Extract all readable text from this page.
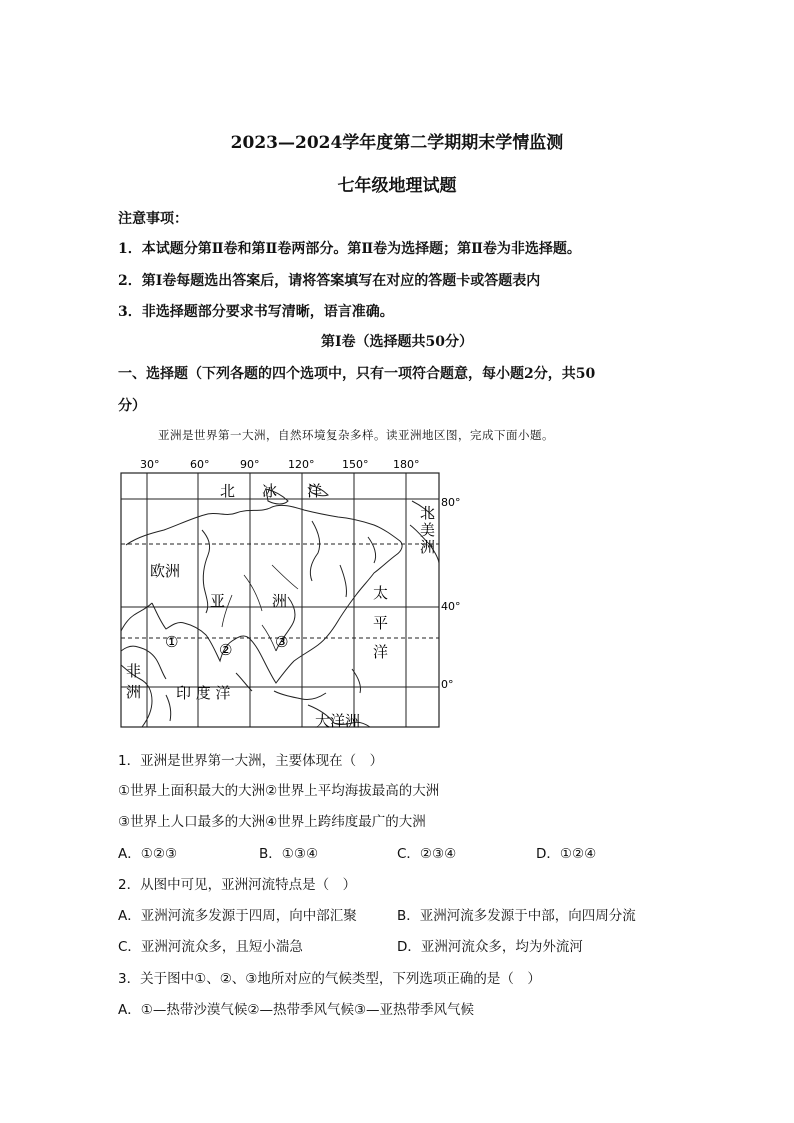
2023—2024学年度第二学期期末学情监测
七年级地理试题
注意事项：
1．本试题分第Ⅱ卷和第Ⅱ卷两部分。第Ⅱ卷为选择题；第Ⅱ卷为非选择题。
2．第Ⅰ卷每题选出答案后，请将答案填写在对应的答题卡或答题表内
3．非选择题部分要求书写清晰，语言准确。
第Ⅰ卷（选择题共50分）
一、选择题（下列各题的四个选项中，只有一项符合题意，每小题2分，共50
分）
亚洲是世界第一大洲，自然环境复杂多样。读亚洲地区图，完成下面小题。
30°	60°	90°	120°	150° 180°
80°
40°
0°
北 冰 洋
欧洲
亚	洲	太
平
洋
北
美
洲
非
洲 印 度 洋
大洋洲
①	②	③
1．亚洲是世界第一大洲，主要体现在（　）
①世界上面积最大的大洲②世界上平均海拔最高的大洲
③世界上人口最多的大洲④世界上跨纬度最广的大洲
A．①②③	B．①③④	C．②③④	D．①②④
2．从图中可见，亚洲河流特点是（　）
A．亚洲河流多发源于四周，向中部汇聚	B．亚洲河流多发源于中部，向四周分流
C．亚洲河流众多，且短小湍急	D．亚洲河流众多，均为外流河
3．关于图中①、②、③地所对应的气候类型，下列选项正确的是（　）
A．①—热带沙漠气候②—热带季风气候③—亚热带季风气候
